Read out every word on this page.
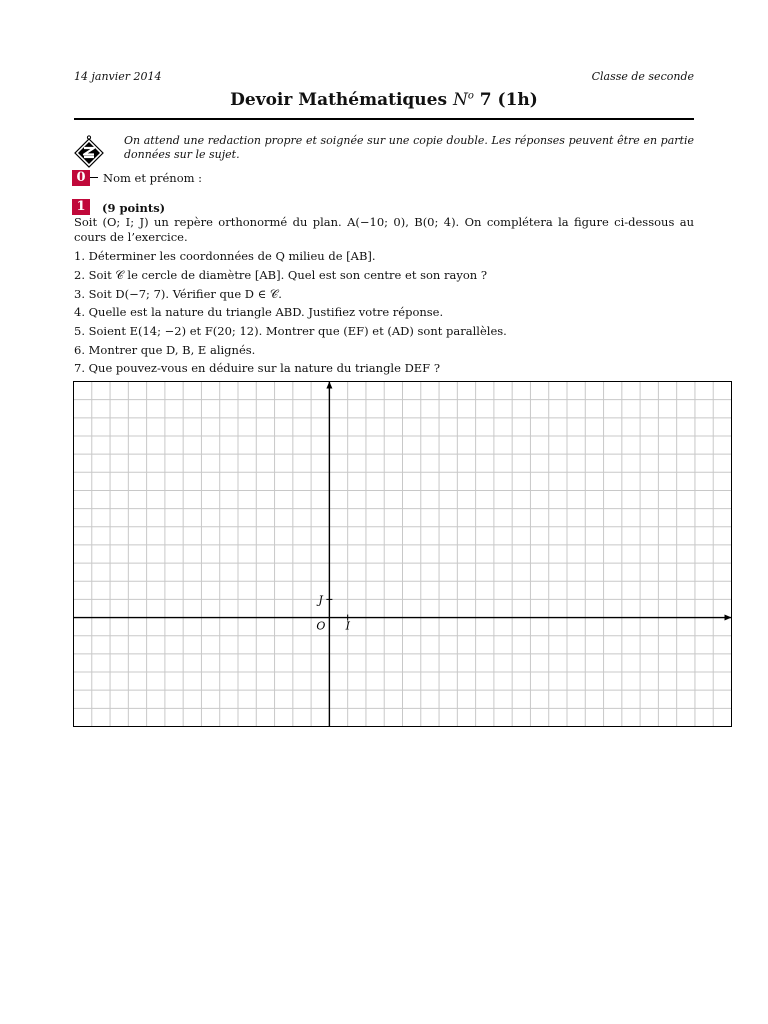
14 janvier 2014	Classe de seconde
Devoir Mathématiques $N^o$ 7 (1h)
On attend une redaction propre et soignée sur une copie double. Les réponses peuvent être en partie données sur le sujet.
0	Nom et prénom :
1	(9 points)
Soit (O; I; J) un repère orthonormé du plan. A(−10; 0), B(0; 4). On complétera la figure ci-dessous au cours de l’exercice.
1. Déterminer les coordonnées de Q milieu de [AB].
2. Soit 𝒞 le cercle de diamètre [AB]. Quel est son centre et son rayon ?
3. Soit D(−7; 7). Vérifier que D ∈ 𝒞.
4. Quelle est la nature du triangle ABD. Justifiez votre réponse.
5. Soient E(14; −2) et F(20; 12). Montrer que (EF) et (AD) sont parallèles.
6. Montrer que D, B, E alignés.
7. Que pouvez-vous en déduire sur la nature du triangle DEF ?
O I
J
